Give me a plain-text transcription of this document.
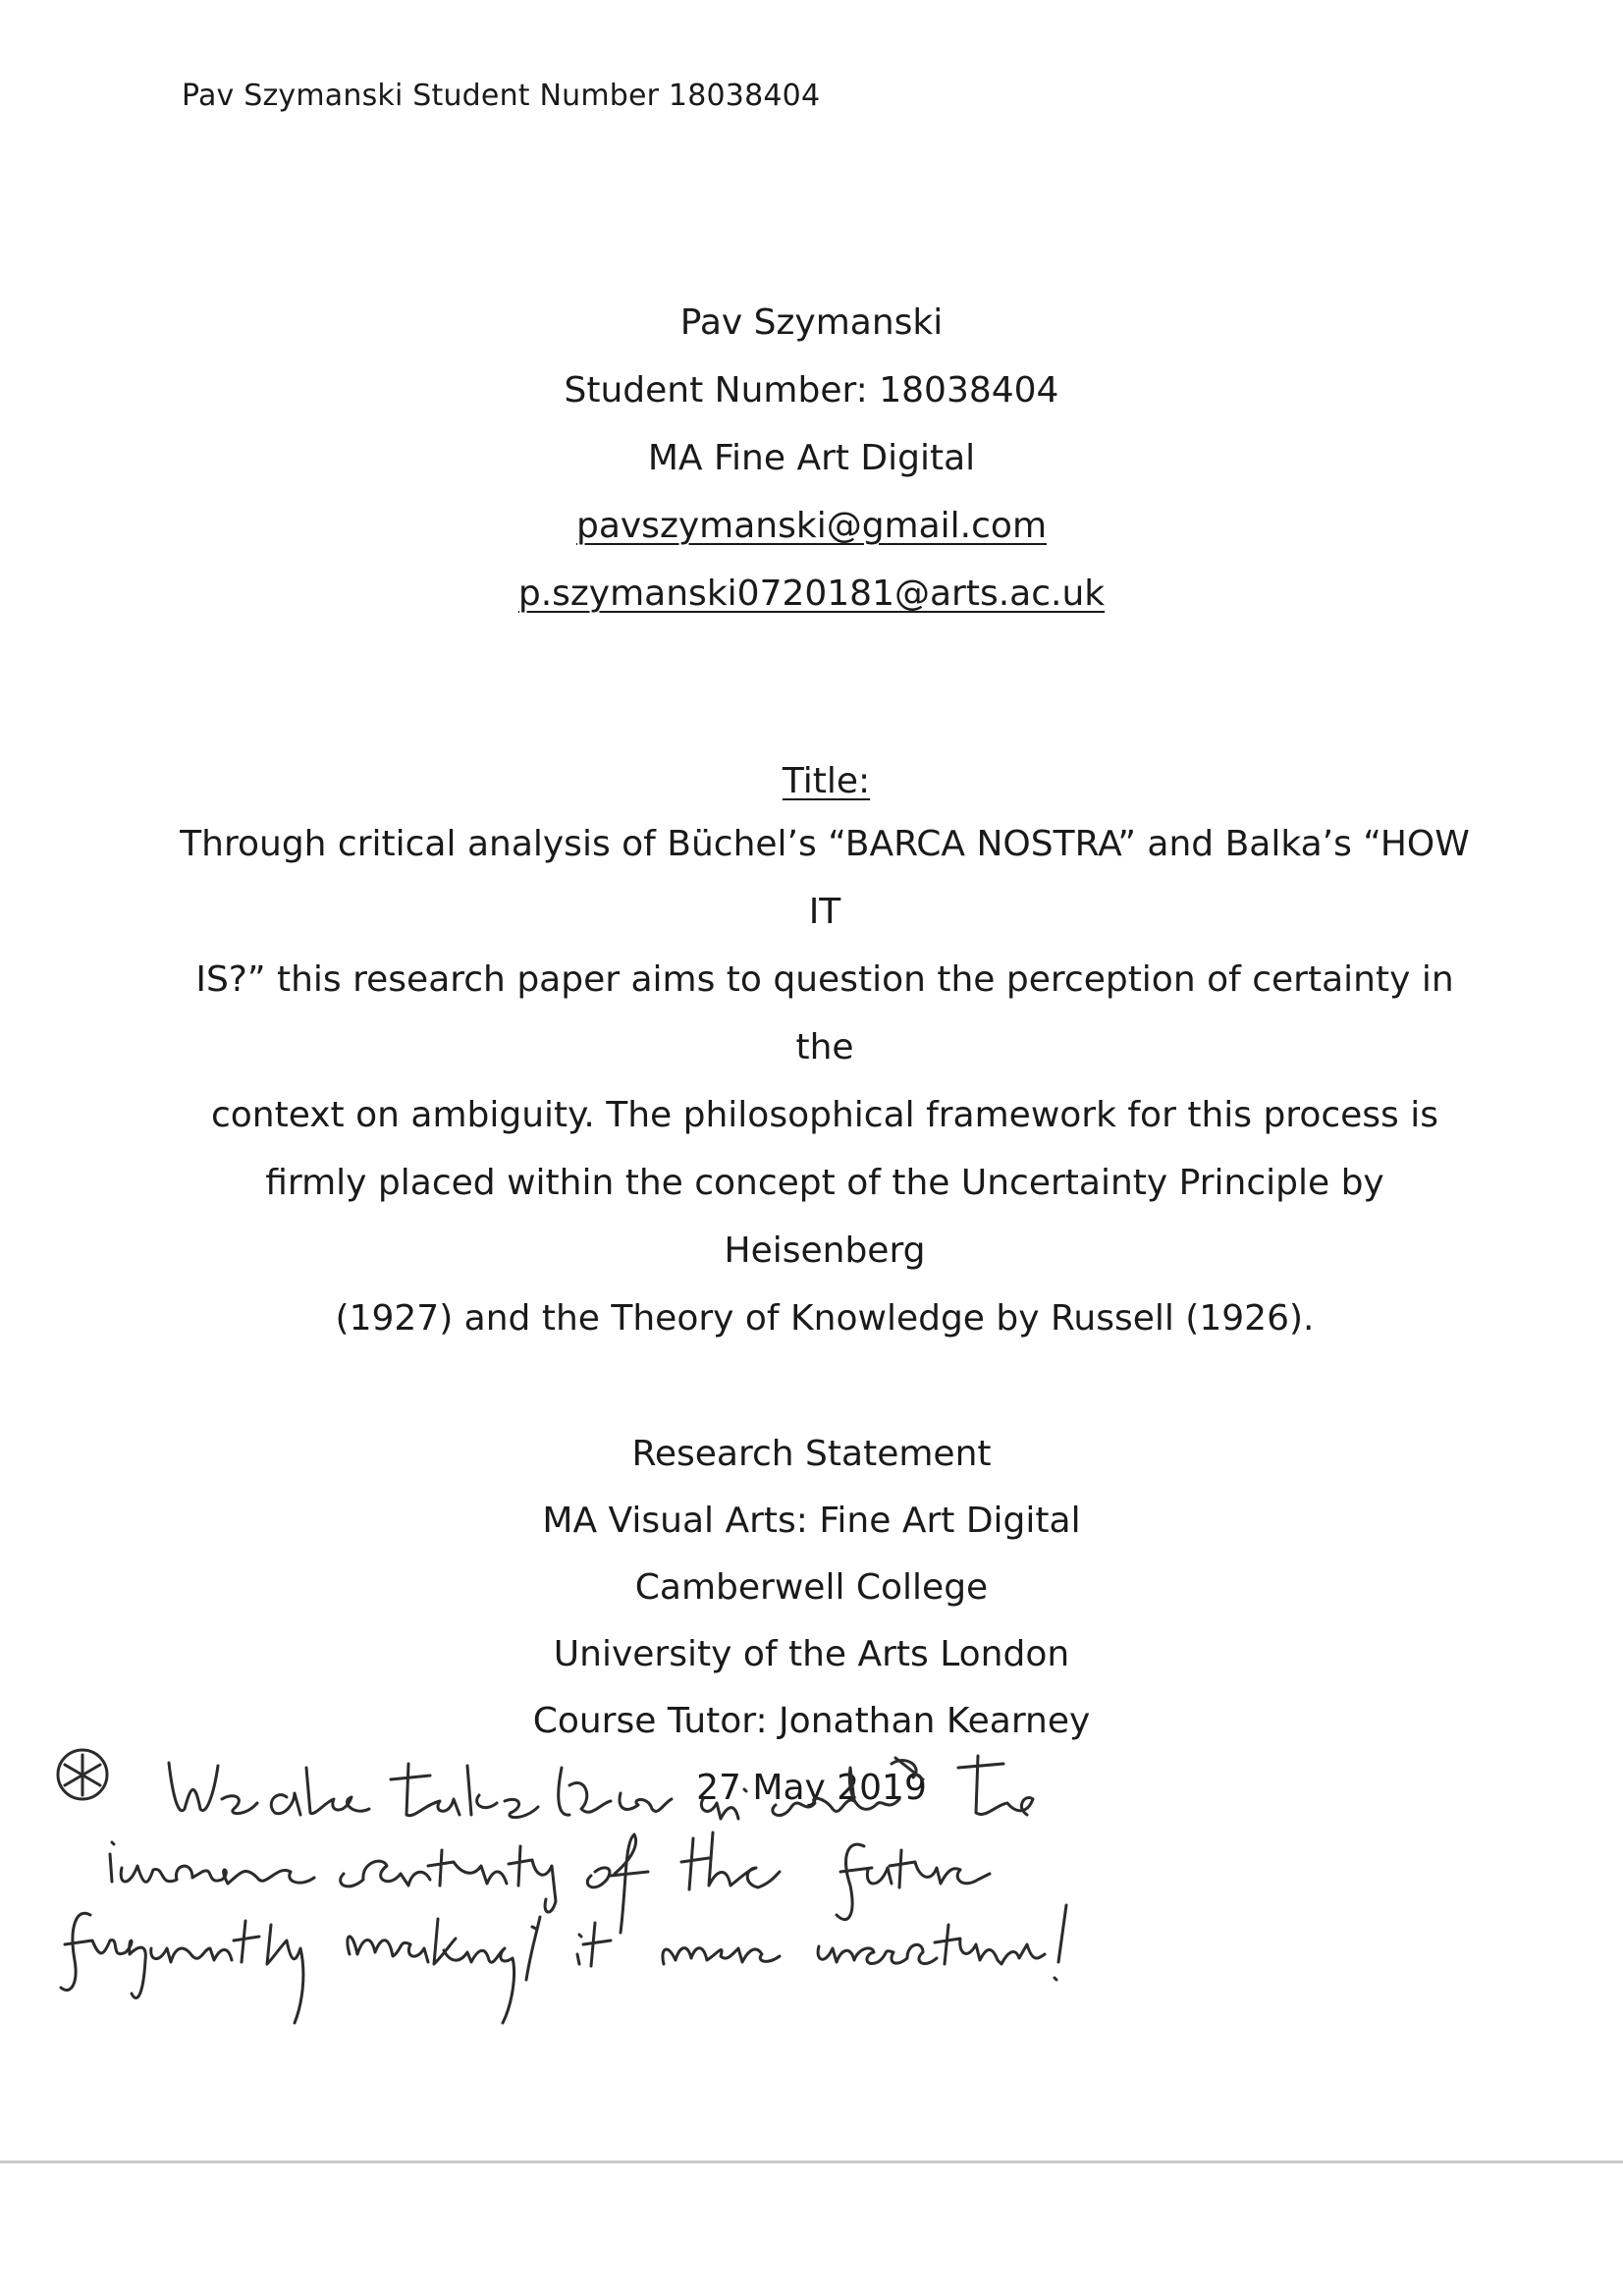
Pav Szymanski Student Number 18038404
Pav Szymanski
Student Number: 18038404
MA Fine Art Digital
pavszymanski@gmail.com
p.szymanski0720181@arts.ac.uk
Title:
Through critical analysis of Büchel’s “BARCA NOSTRA” and Balka’s “HOW IT
IS?” this research paper aims to question the perception of certainty in the
context on ambiguity. The philosophical framework for this process is
firmly placed within the concept of the Uncertainty Principle by Heisenberg
(1927) and the Theory of Knowledge by Russell (1926).
Research Statement
MA Visual Arts: Fine Art Digital
Camberwell College
University of the Arts London
Course Tutor: Jonathan Kearney
27 May 2019
